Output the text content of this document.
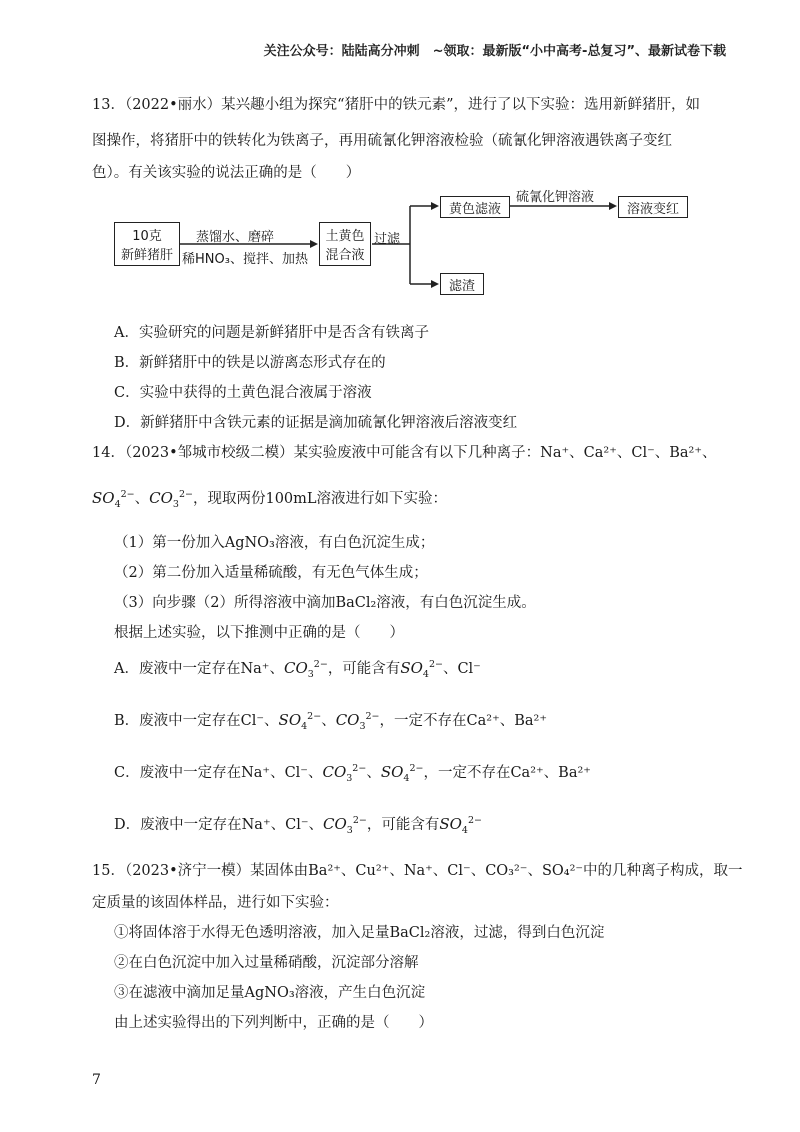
关注公众号：陆陆高分冲刺　~领取：最新版“小中高考-总复习”、最新试卷下载
13．（2022•丽水）某兴趣小组为探究“猪肝中的铁元素”，进行了以下实验：选用新鲜猪肝，如
图操作，将猪肝中的铁转化为铁离子，再用硫氰化钾溶液检验（硫氰化钾溶液遇铁离子变红
色）。有关该实验的说法正确的是（　　）
10克
新鲜猪肝
蒸馏水、磨碎
稀HNO₃、搅拌、加热
土黄色
混合液
过滤
黄色滤液
硫氰化钾溶液
溶液变红
滤渣
A．实验研究的问题是新鲜猪肝中是否含有铁离子
B．新鲜猪肝中的铁是以游离态形式存在的
C．实验中获得的土黄色混合液属于溶液
D．新鲜猪肝中含铁元素的证据是滴加硫氰化钾溶液后溶液变红
14．（2023•邹城市校级二模）某实验废液中可能含有以下几种离子：Na⁺、Ca²⁺、Cl⁻、Ba²⁺、
$SO_4^{2-}$、$CO_3^{2-}$，现取两份100mL溶液进行如下实验：
（1）第一份加入AgNO₃溶液，有白色沉淀生成；
（2）第二份加入适量稀硫酸，有无色气体生成；
（3）向步骤（2）所得溶液中滴加BaCl₂溶液，有白色沉淀生成。
根据上述实验，以下推测中正确的是（　　）
A．废液中一定存在Na⁺、$CO_3^{2-}$，可能含有$SO_4^{2-}$、Cl⁻
B．废液中一定存在Cl⁻、$SO_4^{2-}$、$CO_3^{2-}$，一定不存在Ca²⁺、Ba²⁺
C．废液中一定存在Na⁺、Cl⁻、$CO_3^{2-}$、$SO_4^{2-}$，一定不存在Ca²⁺、Ba²⁺
D．废液中一定存在Na⁺、Cl⁻、$CO_3^{2-}$，可能含有$SO_4^{2-}$
15．（2023•济宁一模）某固体由Ba²⁺、Cu²⁺、Na⁺、Cl⁻、CO₃²⁻、SO₄²⁻中的几种离子构成，取一
定质量的该固体样品，进行如下实验：
①将固体溶于水得无色透明溶液，加入足量BaCl₂溶液，过滤，得到白色沉淀
②在白色沉淀中加入过量稀硝酸，沉淀部分溶解
③在滤液中滴加足量AgNO₃溶液，产生白色沉淀
由上述实验得出的下列判断中，正确的是（　　）
7
